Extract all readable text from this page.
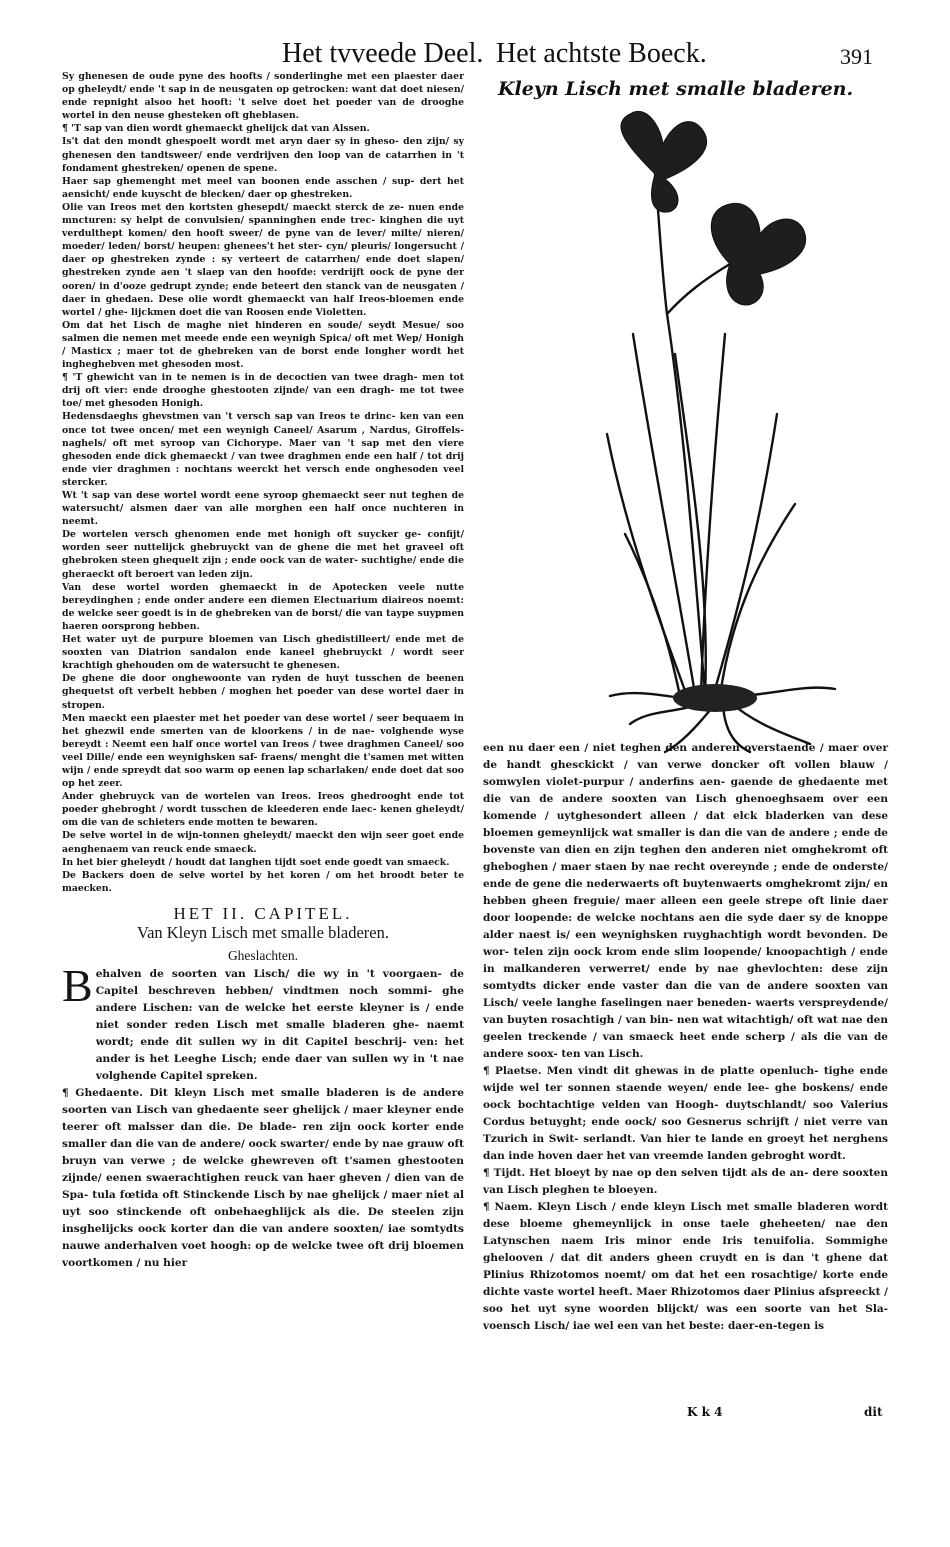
Het tvveede Deel. Het achtste Boeck.	391

Sy ghenesen de oude pyne des hoofts / sonderlinghe met een plaester daer op gheleydt/ ende 't sap in de neusgaten op getrocken: want dat doet niesen/ ende repnight alsoo het hooft: 't selve doet het poeder van de drooghe wortel in den neuse ghesteken oft gheblasen.

¶ 'T sap van dien wordt ghemaeckt ghelijck dat van Alssen.

Is't dat den mondt ghespoelt wordt met aryn daer sy in gheso- den zijn/ sy ghenesen den tandtsweer/ ende verdrijven den loop van de catarrhen in 't fondament ghestreken/ openen de spene.

Haer sap ghemenght met meel van boonen ende asschen / sup- dert het aensicht/ ende kuyscht de blecken/ daer op ghestreken.

Olie van Ireos met den kortsten ghesepdt/ maeckt sterck de ze- nuen ende mncturen: sy helpt de convulsien/ spanninghen ende trec- kinghen die uyt verdulthept komen/ den hooft sweer/ de pyne van de lever/ milte/ nieren/ moeder/ leden/ borst/ heupen: ghenees't het ster- cyn/ pleuris/ longersucht / daer op ghestreken zynde : sy verteert de catarrhen/ ende doet slapen/ ghestreken zynde aen 't slaep van den hoofde: verdrijft oock de pyne der ooren/ in d'ooze gedrupt zynde; ende beteert den stanck van de neusgaten / daer in ghedaen. Dese olie wordt ghemaeckt van half Ireos-bloemen ende wortel / ghe- lijckmen doet die van Roosen ende Violetten.

Om dat het Lisch de maghe niet hinderen en soude/ seydt Mesue/ soo salmen die nemen met meede ende een weynigh Spica/ oft met Wep/ Honigh / Masticx ; maer tot de ghebreken van de borst ende longher wordt het ingheghebven met ghesoden most.

¶ 'T ghewicht van in te nemen is in de decoctien van twee dragh- men tot drij oft vier: ende drooghe ghestooten zijnde/ van een dragh- me tot twee toe/ met ghesoden Honigh.

Hedensdaeghs ghevstmen van 't versch sap van Ireos te drinc- ken van een once tot twee oncen/ met een weynigh Caneel/ Asarum , Nardus, Giroffels-naghels/ oft met syroop van Cichorype. Maer van 't sap met den viere ghesoden ende dick ghemaeckt / van twee draghmen ende een half / tot drij ende vier draghmen : nochtans weerckt het versch ende onghesoden veel stercker.

Wt 't sap van dese wortel wordt eene syroop ghemaeckt seer nut teghen de watersucht/ alsmen daer van alle morghen een half once nuchteren in neemt.

De wortelen versch ghenomen ende met honigh oft suycker ge- confijt/ worden seer nuttelijck ghebruyckt van de ghene die met het graveel oft ghebroken steen ghequelt zijn ; ende oock van de water- suchtighe/ ende die gheraeckt oft beroert van leden zijn.

Van dese wortel worden ghemaeckt in de Apotecken veele nutte bereydinghen ; ende onder andere een diemen Electuarium diaireos noemt: de welcke seer goedt is in de ghebreken van de borst/ die van taype suypmen haeren oorsprong hebben.

Het water uyt de purpure bloemen van Lisch ghedistilleert/ ende met de sooxten van Diatrion sandalon ende kaneel ghebruyckt / wordt seer krachtigh ghehouden om de watersucht te ghenesen.

De ghene die door onghewoonte van ryden de huyt tusschen de beenen ghequetst oft verbelt hebben / moghen het poeder van dese wortel daer in stropen.

Men maeckt een plaester met het poeder van dese wortel / seer bequaem in het ghezwil ende smerten van de kloorkens / in de nae- volghende wyse bereydt : Neemt een half once wortel van Ireos / twee draghmen Caneel/ soo veel Dille/ ende een weynighsken saf- fraens/ menght die t'samen met witten wijn / ende spreydt dat soo warm op eenen lap scharlaken/ ende doet dat soo op het zeer.

Ander ghebruyck van de wortelen van Ireos. Ireos ghedrooght ende tot poeder ghebroght / wordt tusschen de kleederen ende laec- kenen gheleydt/ om die van de schieters ende motten te bewaren.

De selve wortel in de wijn-tonnen gheleydt/ maeckt den wijn seer goet ende aenghenaem van reuck ende smaeck.

In het bier gheleydt / houdt dat langhen tijdt soet ende goedt van smaeck.

De Backers doen de selve wortel by het koren / om het broodt beter te maecken.

HET II. CAPITEL.
Van Kleyn Lisch met smalle bladeren.
Gheslachten.
B ehalven de soorten van Lisch/ die wy in 't voorgaen- de Capitel beschreven hebben/ vindtmen noch sommi- ghe andere Lischen: van de welcke het eerste kleyner is / ende niet sonder reden Lisch met smalle bladeren ghe- naemt wordt; ende dit sullen wy in dit Capitel beschrij- ven: het ander is het Leeghe Lisch; ende daer van sullen wy in 't nae volghende Capitel spreken.

¶ Ghedaente. Dit kleyn Lisch met smalle bladeren is de andere soorten van Lisch van ghedaente seer ghelijck / maer kleyner ende teerer oft malsser dan die. De blade- ren zijn oock korter ende smaller dan die van de andere/ oock swarter/ ende by nae grauw oft bruyn van verwe ; de welcke ghewreven oft t'samen ghestooten zijnde/ eenen swaerachtighen reuck van haer gheven / dien van de Spa- tula fœtida oft Stinckende Lisch by nae ghelijck / maer niet al uyt soo stinckende oft onbehaeghlijck als die. De steelen zijn insghelijcks oock korter dan die van andere sooxten/ iae somtydts nauwe anderhalven voet hoogh: op de welcke twee oft drij bloemen voortkomen / nu hier

Kleyn Lisch met smalle bladeren.

een nu daer een / niet teghen den anderen overstaende / maer over de handt ghesckickt / van verwe doncker oft vollen blauw / somwylen violet-purpur / anderfins aen- gaende de ghedaente met die van de andere sooxten van Lisch ghenoeghsaem over een komende / uytghesondert alleen / dat elck bladerken van dese bloemen gemeynlijck wat smaller is dan die van de andere ; ende de bovenste van dien en zijn teghen den anderen niet omghekromt oft gheboghen / maer staen by nae recht overeynde ; ende de onderste/ ende de gene die nederwaerts oft buytenwaerts omghekromt zijn/ en hebben gheen freguie/ maer alleen een geele strepe oft linie daer door loopende: de welcke nochtans aen die syde daer sy de knoppe alder naest is/ een weynighsken ruyghachtigh wordt bevonden. De wor- telen zijn oock krom ende slim loopende/ knoopachtigh / ende in malkanderen verwerret/ ende by nae ghevlochten: dese zijn somtydts dicker ende vaster dan die van de andere sooxten van Lisch/ veele langhe faselingen naer beneden- waerts verspreydende/ van buyten rosachtigh / van bin- nen wat witachtigh/ oft wat nae den geelen treckende / van smaeck heet ende scherp / als die van de andere soox- ten van Lisch.

¶ Plaetse. Men vindt dit ghewas in de platte openluch- tighe ende wijde wel ter sonnen staende weyen/ ende lee- ghe boskens/ ende oock bochtachtige velden van Hoogh- duytschlandt/ soo Valerius Cordus betuyght; ende oock/ soo Gesnerus schrijft / niet verre van Tzurich in Swit- serlandt. Van hier te lande en groeyt het nerghens dan inde hoven daer het van vreemde landen gebroght wordt.

¶ Tijdt. Het bloeyt by nae op den selven tijdt als de an- dere sooxten van Lisch pleghen te bloeyen.

¶ Naem. Kleyn Lisch / ende kleyn Lisch met smalle bladeren wordt dese bloeme ghemeynlijck in onse taele gheheeten/ nae den Latynschen naem Iris minor ende Iris tenuifolia. Sommighe ghelooven / dat dit anders gheen cruydt en is dan 't ghene dat Plinius Rhizotomos noemt/ om dat het een rosachtige/ korte ende dichte vaste wortel heeft. Maer Rhizotomos daer Plinius afspreeckt / soo het uyt syne woorden blijckt/ was een soorte van het Sla- voensch Lisch/ iae wel een van het beste: daer-en-tegen is

K k 4	dit
